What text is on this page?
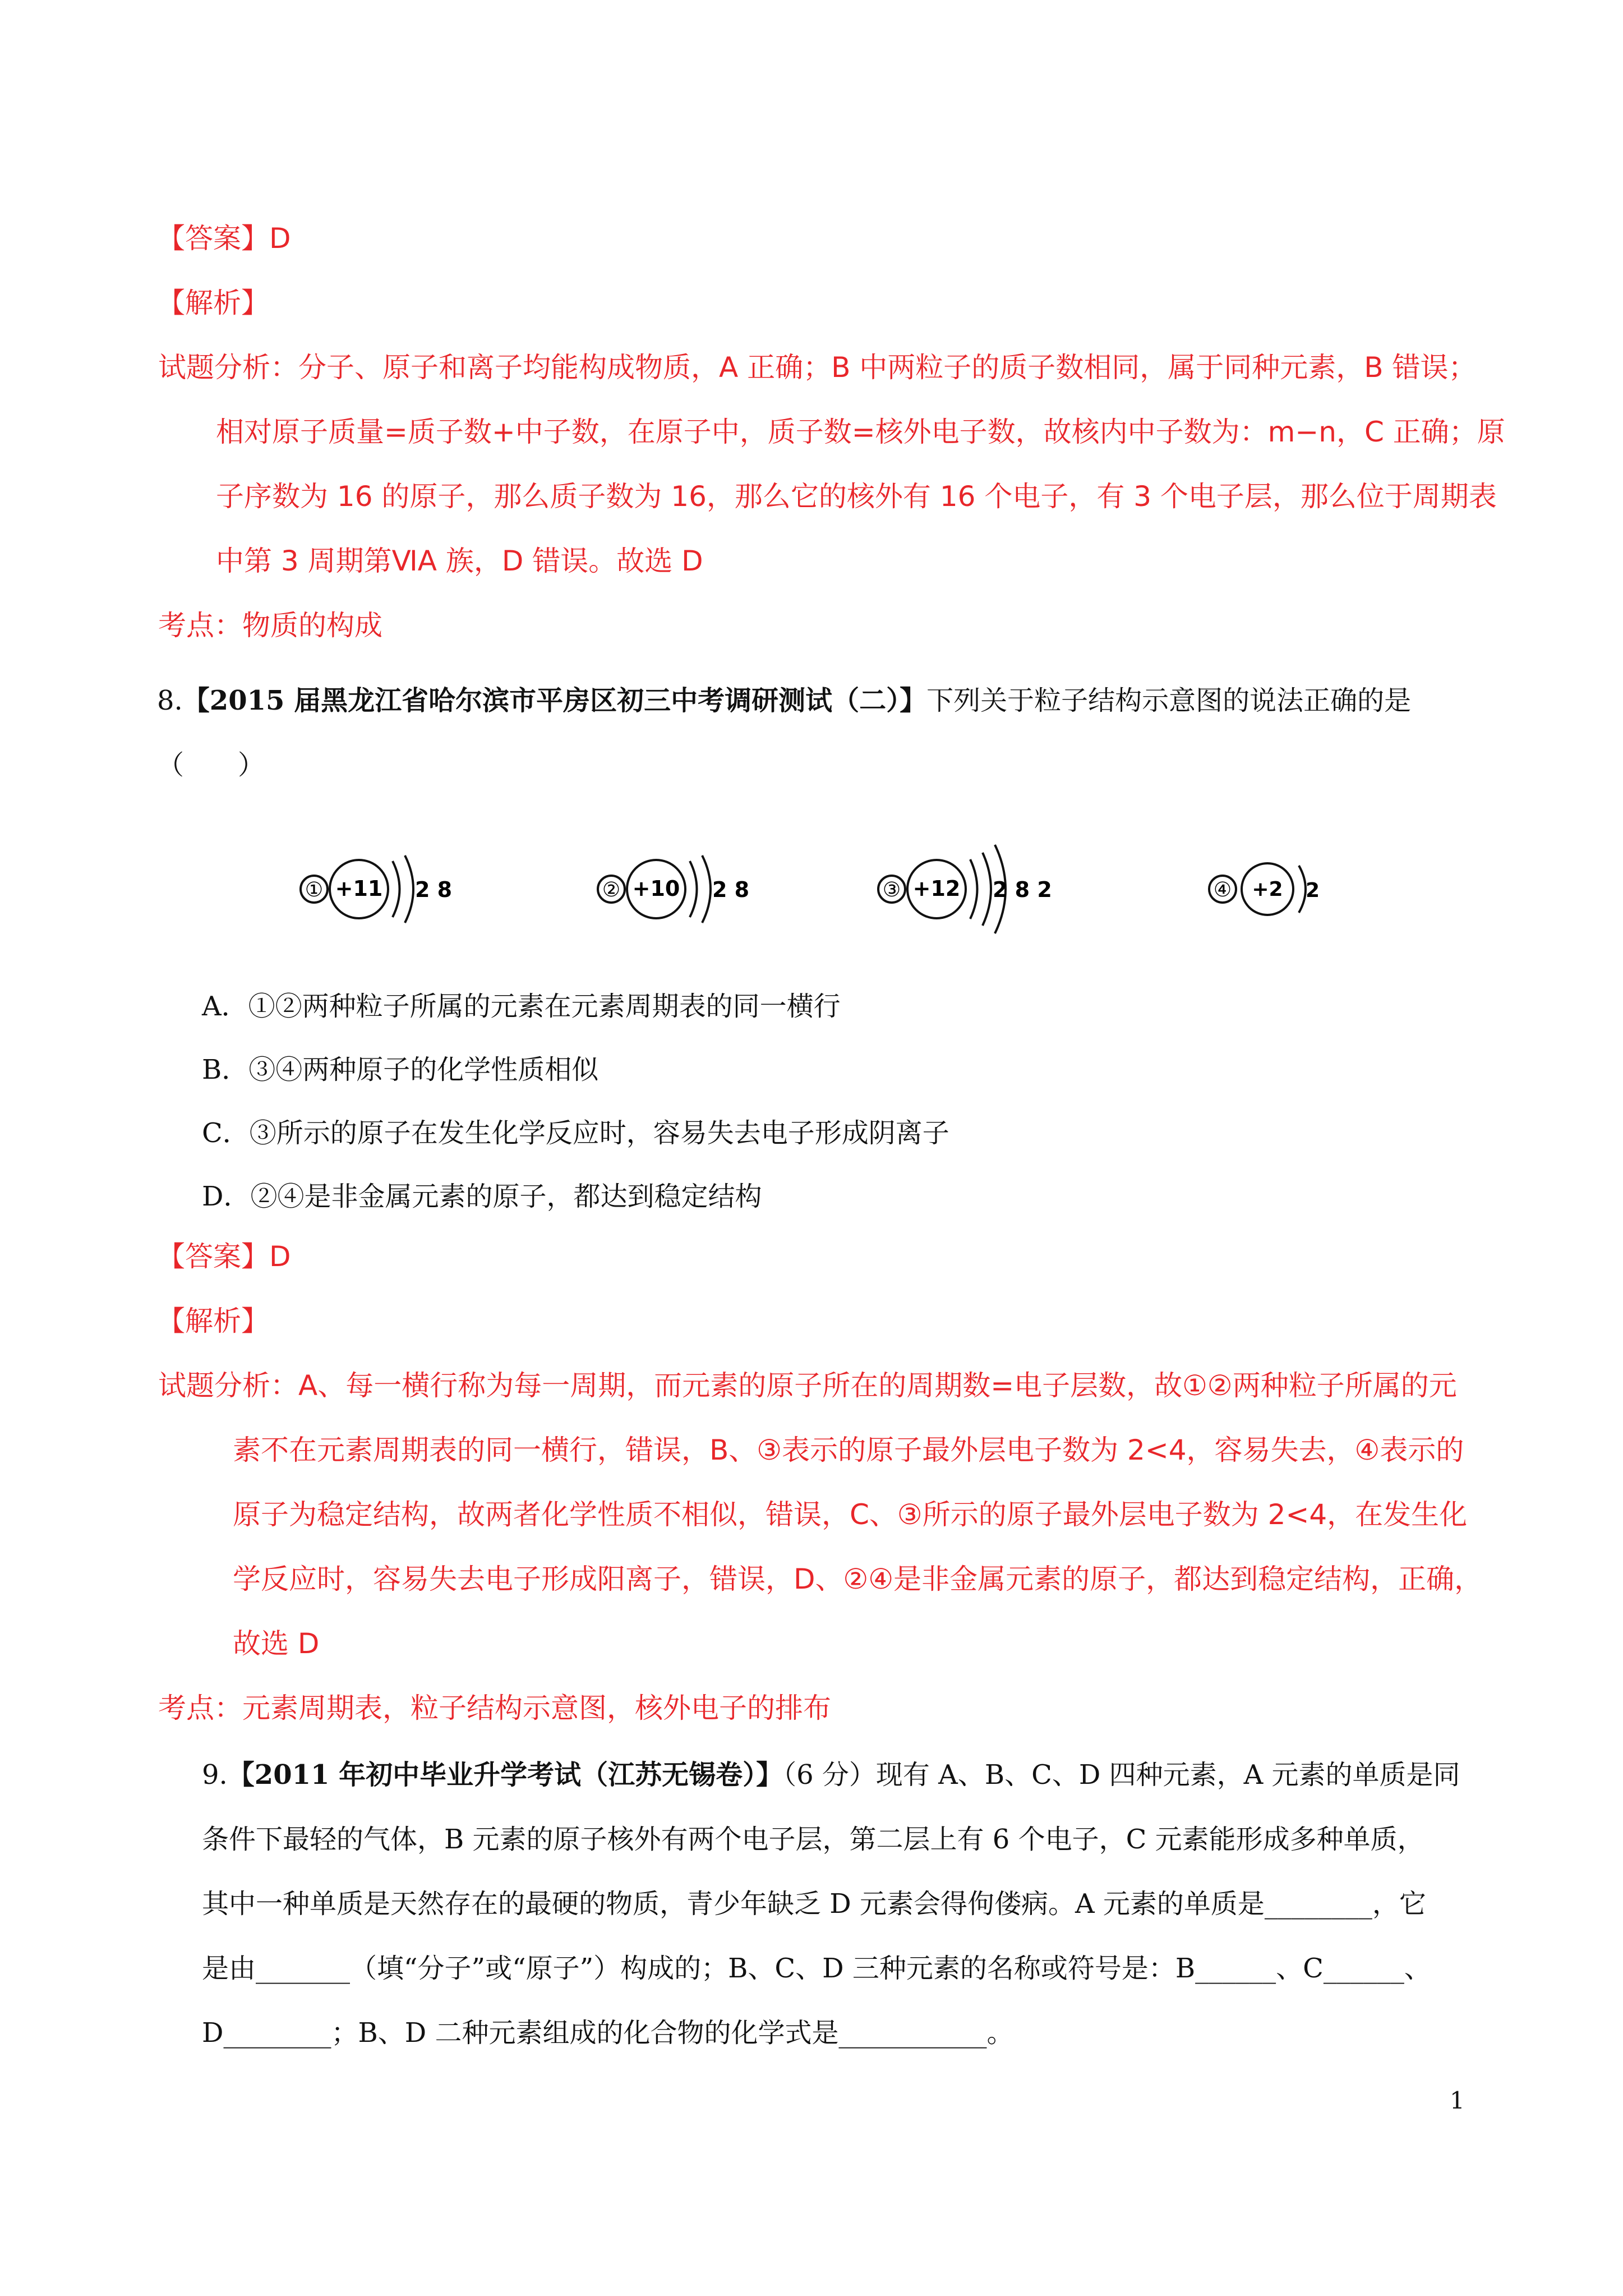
【答案】D
【解析】
试题分析：分子、原子和离子均能构成物质，A 正确；B 中两粒子的质子数相同，属于同种元素，B 错误；
相对原子质量=质子数+中子数，在原子中，质子数=核外电子数，故核内中子数为：m−n，C 正确；原
子序数为 16 的原子，那么质子数为 16，那么它的核外有 16 个电子，有 3 个电子层，那么位于周期表
中第 3 周期第ⅥA 族，D 错误。故选 D
考点：物质的构成
8.【2015 届黑龙江省哈尔滨市平房区初三中考调研测试（二）】下列关于粒子结构示意图的说法正确的是
（　　）
① +11 2 8	② +10 2 8	③ +12 2 8 2	④ +2 2
A．①②两种粒子所属的元素在元素周期表的同一横行
B．③④两种原子的化学性质相似
C．③所示的原子在发生化学反应时，容易失去电子形成阴离子
D．②④是非金属元素的原子，都达到稳定结构
【答案】D
【解析】
试题分析：A、每一横行称为每一周期，而元素的原子所在的周期数=电子层数，故①②两种粒子所属的元
素不在元素周期表的同一横行，错误，B、③表示的原子最外层电子数为 2<4，容易失去，④表示的
原子为稳定结构，故两者化学性质不相似，错误，C、③所示的原子最外层电子数为 2<4，在发生化
学反应时，容易失去电子形成阳离子，错误，D、②④是非金属元素的原子，都达到稳定结构，正确，
故选 D
考点：元素周期表，粒子结构示意图，核外电子的排布
9.【2011 年初中毕业升学考试（江苏无锡卷）】（6 分）现有 A、B、C、D 四种元素，A 元素的单质是同
条件下最轻的气体，B 元素的原子核外有两个电子层，第二层上有 6 个电子，C 元素能形成多种单质，
其中一种单质是天然存在的最硬的物质，青少年缺乏 D 元素会得佝偻病。A 元素的单质是________，它
是由_______（填“分子”或“原子”）构成的；B、C、D 三种元素的名称或符号是：B______、C______、
D________；B、D 二种元素组成的化合物的化学式是___________。
1
